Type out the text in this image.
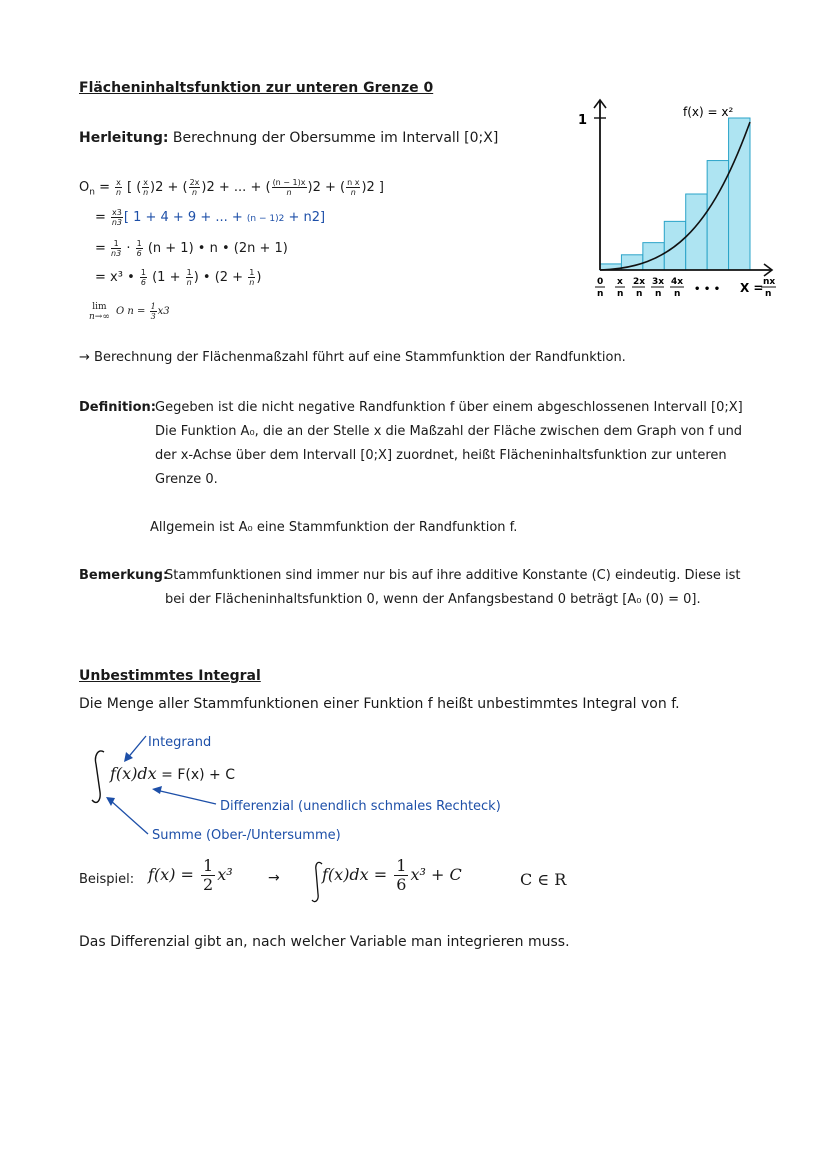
Flächeninhaltsfunktion zur unteren Grenze 0
Herleitung: Berechnung der Obersumme im Intervall [0;X]
$O_n = \frac{x}{n}$ [ ( $\frac{x}{n} )2$ + ( $\frac{2x}{n} )2$ + ... + ( $\frac{(n - 1)x}{n} )2$ + ( $\frac{\text{n x}}{n} )2$ ]
= $\frac{x3}{n3}$ [ 1 + 4 + 9 + ... + (n − 1)2 + n2]
= $\frac{1}{n3} \cdot \frac{1}{6} (n + 1)$ • n • (2n + 1)
= x³ • $\frac{1}{6} (1 + \frac{1}{n}$ ) • ($2 + \frac{1}{n}$ )
lim
n→∞ O $n = \frac{1}{3} x3$
1
f(x) = x²
0
n
x
n
2x
n
3x
n
4x
n • • • X = nx
n
→ Berechnung der Flächenmaßzahl führt auf eine Stammfunktion der Randfunktion.
Definition:
Gegeben ist die nicht negative Randfunktion f über einem abgeschlossenen Intervall [0;X]
Die Funktion A₀, die an der Stelle x die Maßzahl der Fläche zwischen dem Graph von f und
der x-Achse über dem Intervall [0;X] zuordnet, heißt Flächeninhaltsfunktion zur unteren
Grenze 0.
Allgemein ist A₀ eine Stammfunktion der Randfunktion f.
Bemerkung:
Stammfunktionen sind immer nur bis auf ihre additive Konstante (C) eindeutig. Diese ist
bei der Flächeninhaltsfunktion 0, wenn der Anfangsbestand 0 beträgt [A₀ (0) = 0].
Unbestimmtes Integral
Die Menge aller Stammfunktionen einer Funktion f heißt unbestimmtes Integral von f.
Integrand
f(x)dx = F(x) + C
Differenzial (unendlich schmales Rechteck)
Summe (Ober-/Untersumme)
Beispiel: $f(x) = \frac{1}{2} x^3$	→	$f(x)dx = \frac{1}{6} x^3 + C$	C ∈ R
Das Differenzial gibt an, nach welcher Variable man integrieren muss.
